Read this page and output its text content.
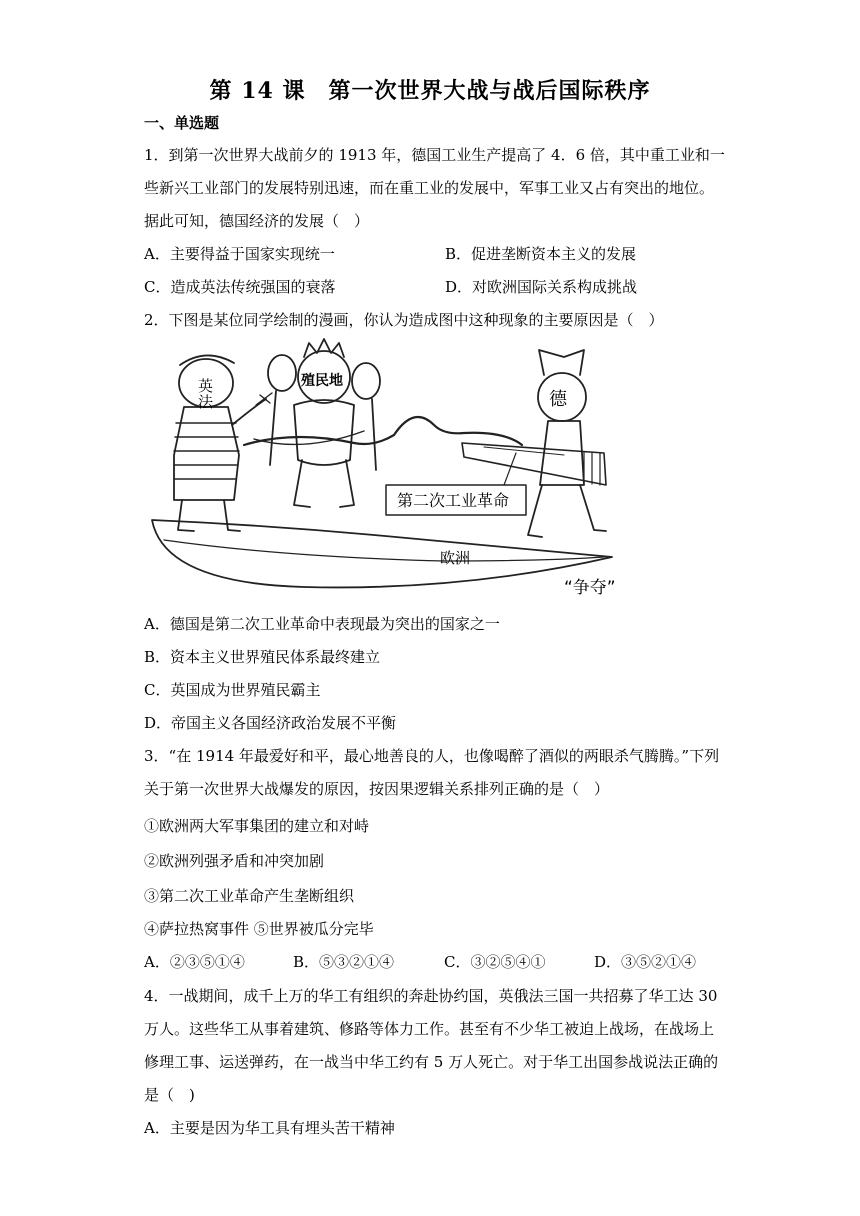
第 14 课　第一次世界大战与战后国际秩序
一、单选题
1．到第一次世界大战前夕的 1913 年，德国工业生产提高了 4．6 倍，其中重工业和一
些新兴工业部门的发展特别迅速，而在重工业的发展中，军事工业又占有突出的地位。
据此可知，德国经济的发展（　）
A．主要得益于国家实现统一	B．促进垄断资本主义的发展
C．造成英法传统强国的衰落	D．对欧洲国际关系构成挑战
2．下图是某位同学绘制的漫画，你认为造成图中这种现象的主要原因是（　）
英
法
殖民地
德
第二次工业革命
欧洲
“争夺”
A．德国是第二次工业革命中表现最为突出的国家之一
B．资本主义世界殖民体系最终建立
C．英国成为世界殖民霸主
D．帝国主义各国经济政治发展不平衡
3．“在 1914 年最爱好和平，最心地善良的人，也像喝醉了酒似的两眼杀气腾腾。”下列
关于第一次世界大战爆发的原因，按因果逻辑关系排列正确的是（　）
①欧洲两大军事集团的建立和对峙
②欧洲列强矛盾和冲突加剧
③第二次工业革命产生垄断组织
④萨拉热窝事件 ⑤世界被瓜分完毕
A．②③⑤①④	B．⑤③②①④	C．③②⑤④①	D．③⑤②①④
4．一战期间，成千上万的华工有组织的奔赴协约国，英俄法三国一共招募了华工达 30
万人。这些华工从事着建筑、修路等体力工作。甚至有不少华工被迫上战场，在战场上
修理工事、运送弹药，在一战当中华工约有 5 万人死亡。对于华工出国参战说法正确的
是（　)
A．主要是因为华工具有埋头苦干精神
